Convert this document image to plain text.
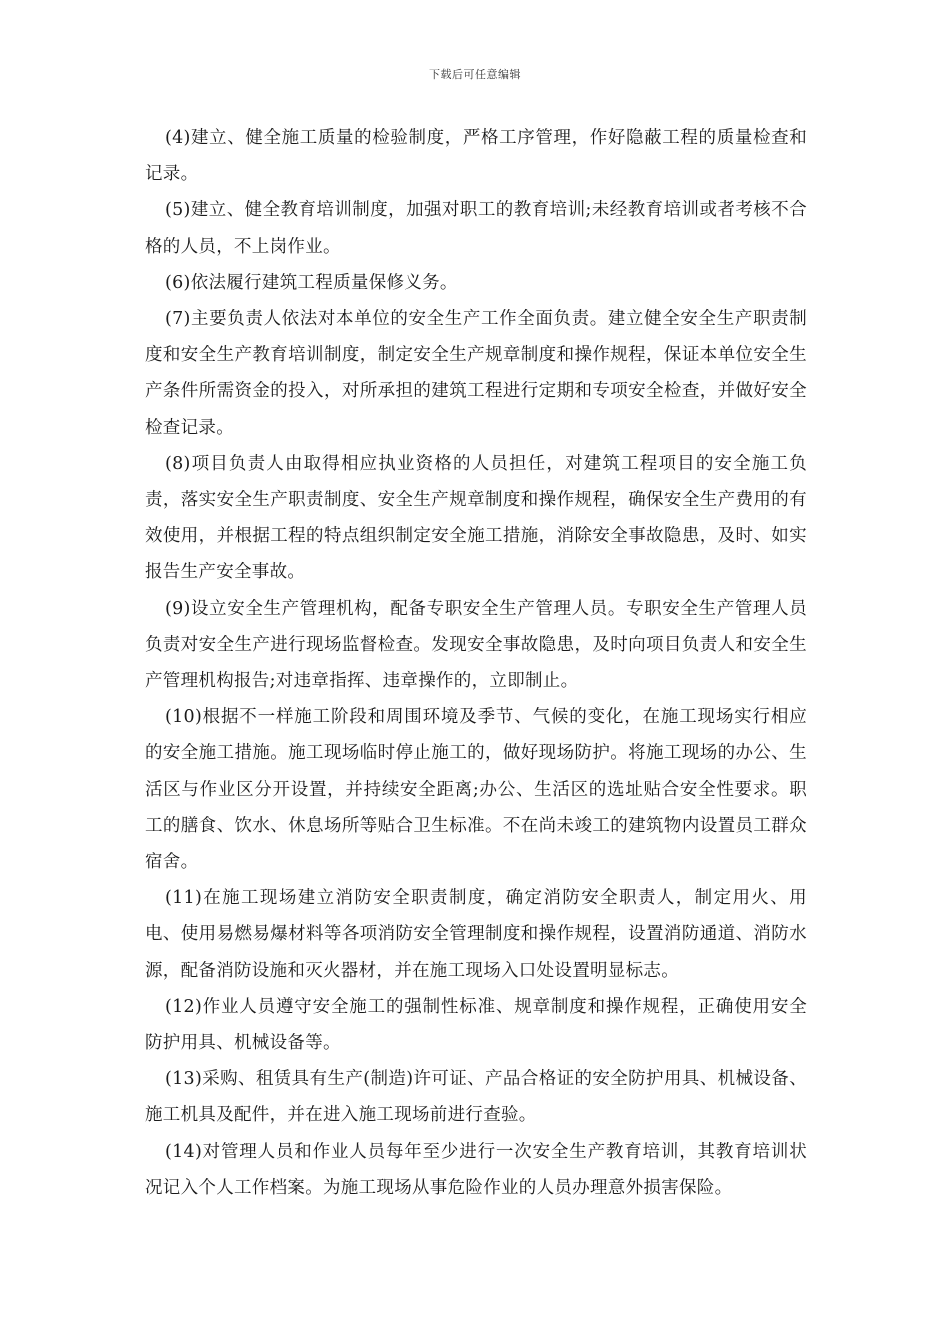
下载后可任意编辑

(4)建立、健全施工质量的检验制度，严格工序管理，作好隐蔽工程的质量检查和记录。

(5)建立、健全教育培训制度，加强对职工的教育培训;未经教育培训或者考核不合格的人员，不上岗作业。

(6)依法履行建筑工程质量保修义务。

(7)主要负责人依法对本单位的安全生产工作全面负责。建立健全安全生产职责制度和安全生产教育培训制度，制定安全生产规章制度和操作规程，保证本单位安全生产条件所需资金的投入，对所承担的建筑工程进行定期和专项安全检查，并做好安全检查记录。

(8)项目负责人由取得相应执业资格的人员担任，对建筑工程项目的安全施工负责，落实安全生产职责制度、安全生产规章制度和操作规程，确保安全生产费用的有效使用，并根据工程的特点组织制定安全施工措施，消除安全事故隐患，及时、如实报告生产安全事故。

(9)设立安全生产管理机构，配备专职安全生产管理人员。专职安全生产管理人员负责对安全生产进行现场监督检查。发现安全事故隐患，及时向项目负责人和安全生产管理机构报告;对违章指挥、违章操作的，立即制止。

(10)根据不一样施工阶段和周围环境及季节、气候的变化，在施工现场实行相应的安全施工措施。施工现场临时停止施工的，做好现场防护。将施工现场的办公、生活区与作业区分开设置，并持续安全距离;办公、生活区的选址贴合安全性要求。职工的膳食、饮水、休息场所等贴合卫生标准。不在尚未竣工的建筑物内设置员工群众宿舍。

(11)在施工现场建立消防安全职责制度，确定消防安全职责人，制定用火、用电、使用易燃易爆材料等各项消防安全管理制度和操作规程，设置消防通道、消防水源，配备消防设施和灭火器材，并在施工现场入口处设置明显标志。

(12)作业人员遵守安全施工的强制性标准、规章制度和操作规程，正确使用安全防护用具、机械设备等。

(13)采购、租赁具有生产(制造)许可证、产品合格证的安全防护用具、机械设备、施工机具及配件，并在进入施工现场前进行查验。

(14)对管理人员和作业人员每年至少进行一次安全生产教育培训，其教育培训状况记入个人工作档案。为施工现场从事危险作业的人员办理意外损害保险。
